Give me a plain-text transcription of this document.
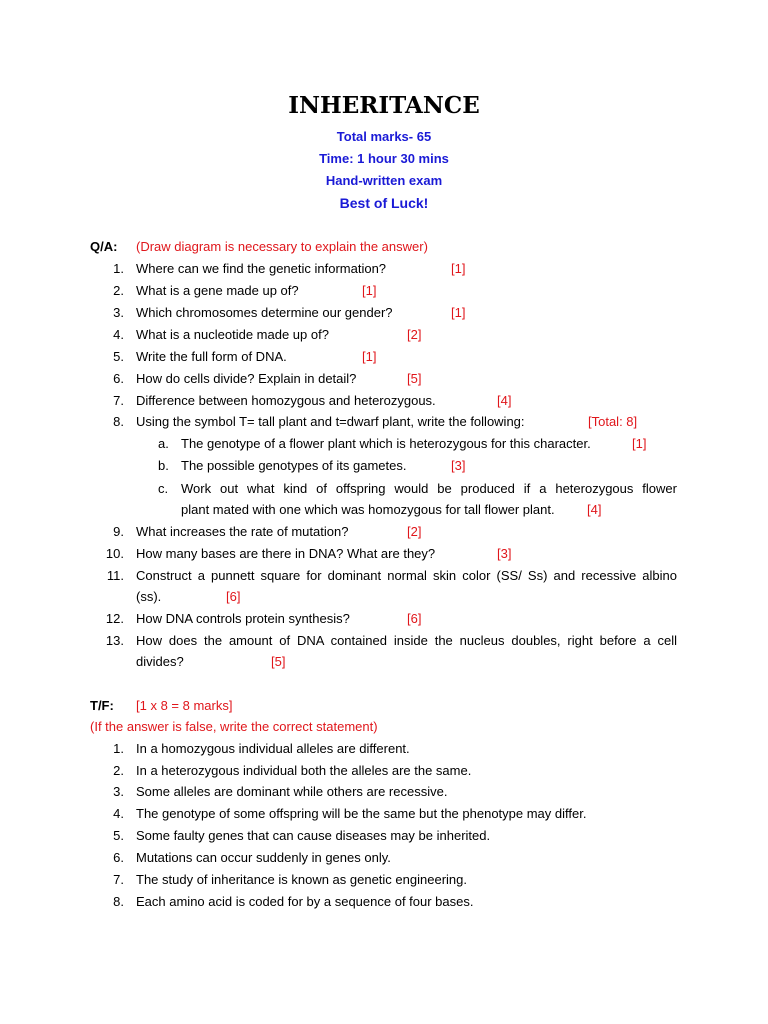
INHERITANCE
Total marks- 65
Time: 1 hour 30 mins
Hand-written exam
Best of Luck!
Q/A: (Draw diagram is necessary to explain the answer)
1. Where can we find the genetic information?	[1]
2. What is a gene made up of?	[1]
3. Which chromosomes determine our gender?	[1]
4. What is a nucleotide made up of?	[2]
5. Write the full form of DNA.	[1]
6. How do cells divide? Explain in detail?	[5]
7. Difference between homozygous and heterozygous.	[4]
8. Using the symbol T= tall plant and t=dwarf plant, write the following:	[Total: 8]
a. The genotype of a flower plant which is heterozygous for this character.	[1]
b. The possible genotypes of its gametes.	[3]
c. Work out what kind of offspring would be produced if a heterozygous flower
plant mated with one which was homozygous for tall flower plant. [4]
9. What increases the rate of mutation?	[2]
10. How many bases are there in DNA? What are they?	[3]
11. Construct a punnett square for dominant normal skin color (SS/ Ss) and recessive albino
(ss).	[6]
12. How DNA controls protein synthesis?	[6]
13. How does the amount of DNA contained inside the nucleus doubles, right before a cell
divides?	[5]
T/F: [1 x 8 = 8 marks]
(If the answer is false, write the correct statement)
1. In a homozygous individual alleles are different.
2. In a heterozygous individual both the alleles are the same.
3. Some alleles are dominant while others are recessive.
4. The genotype of some offspring will be the same but the phenotype may differ.
5. Some faulty genes that can cause diseases may be inherited.
6. Mutations can occur suddenly in genes only.
7. The study of inheritance is known as genetic engineering.
8. Each amino acid is coded for by a sequence of four bases.
